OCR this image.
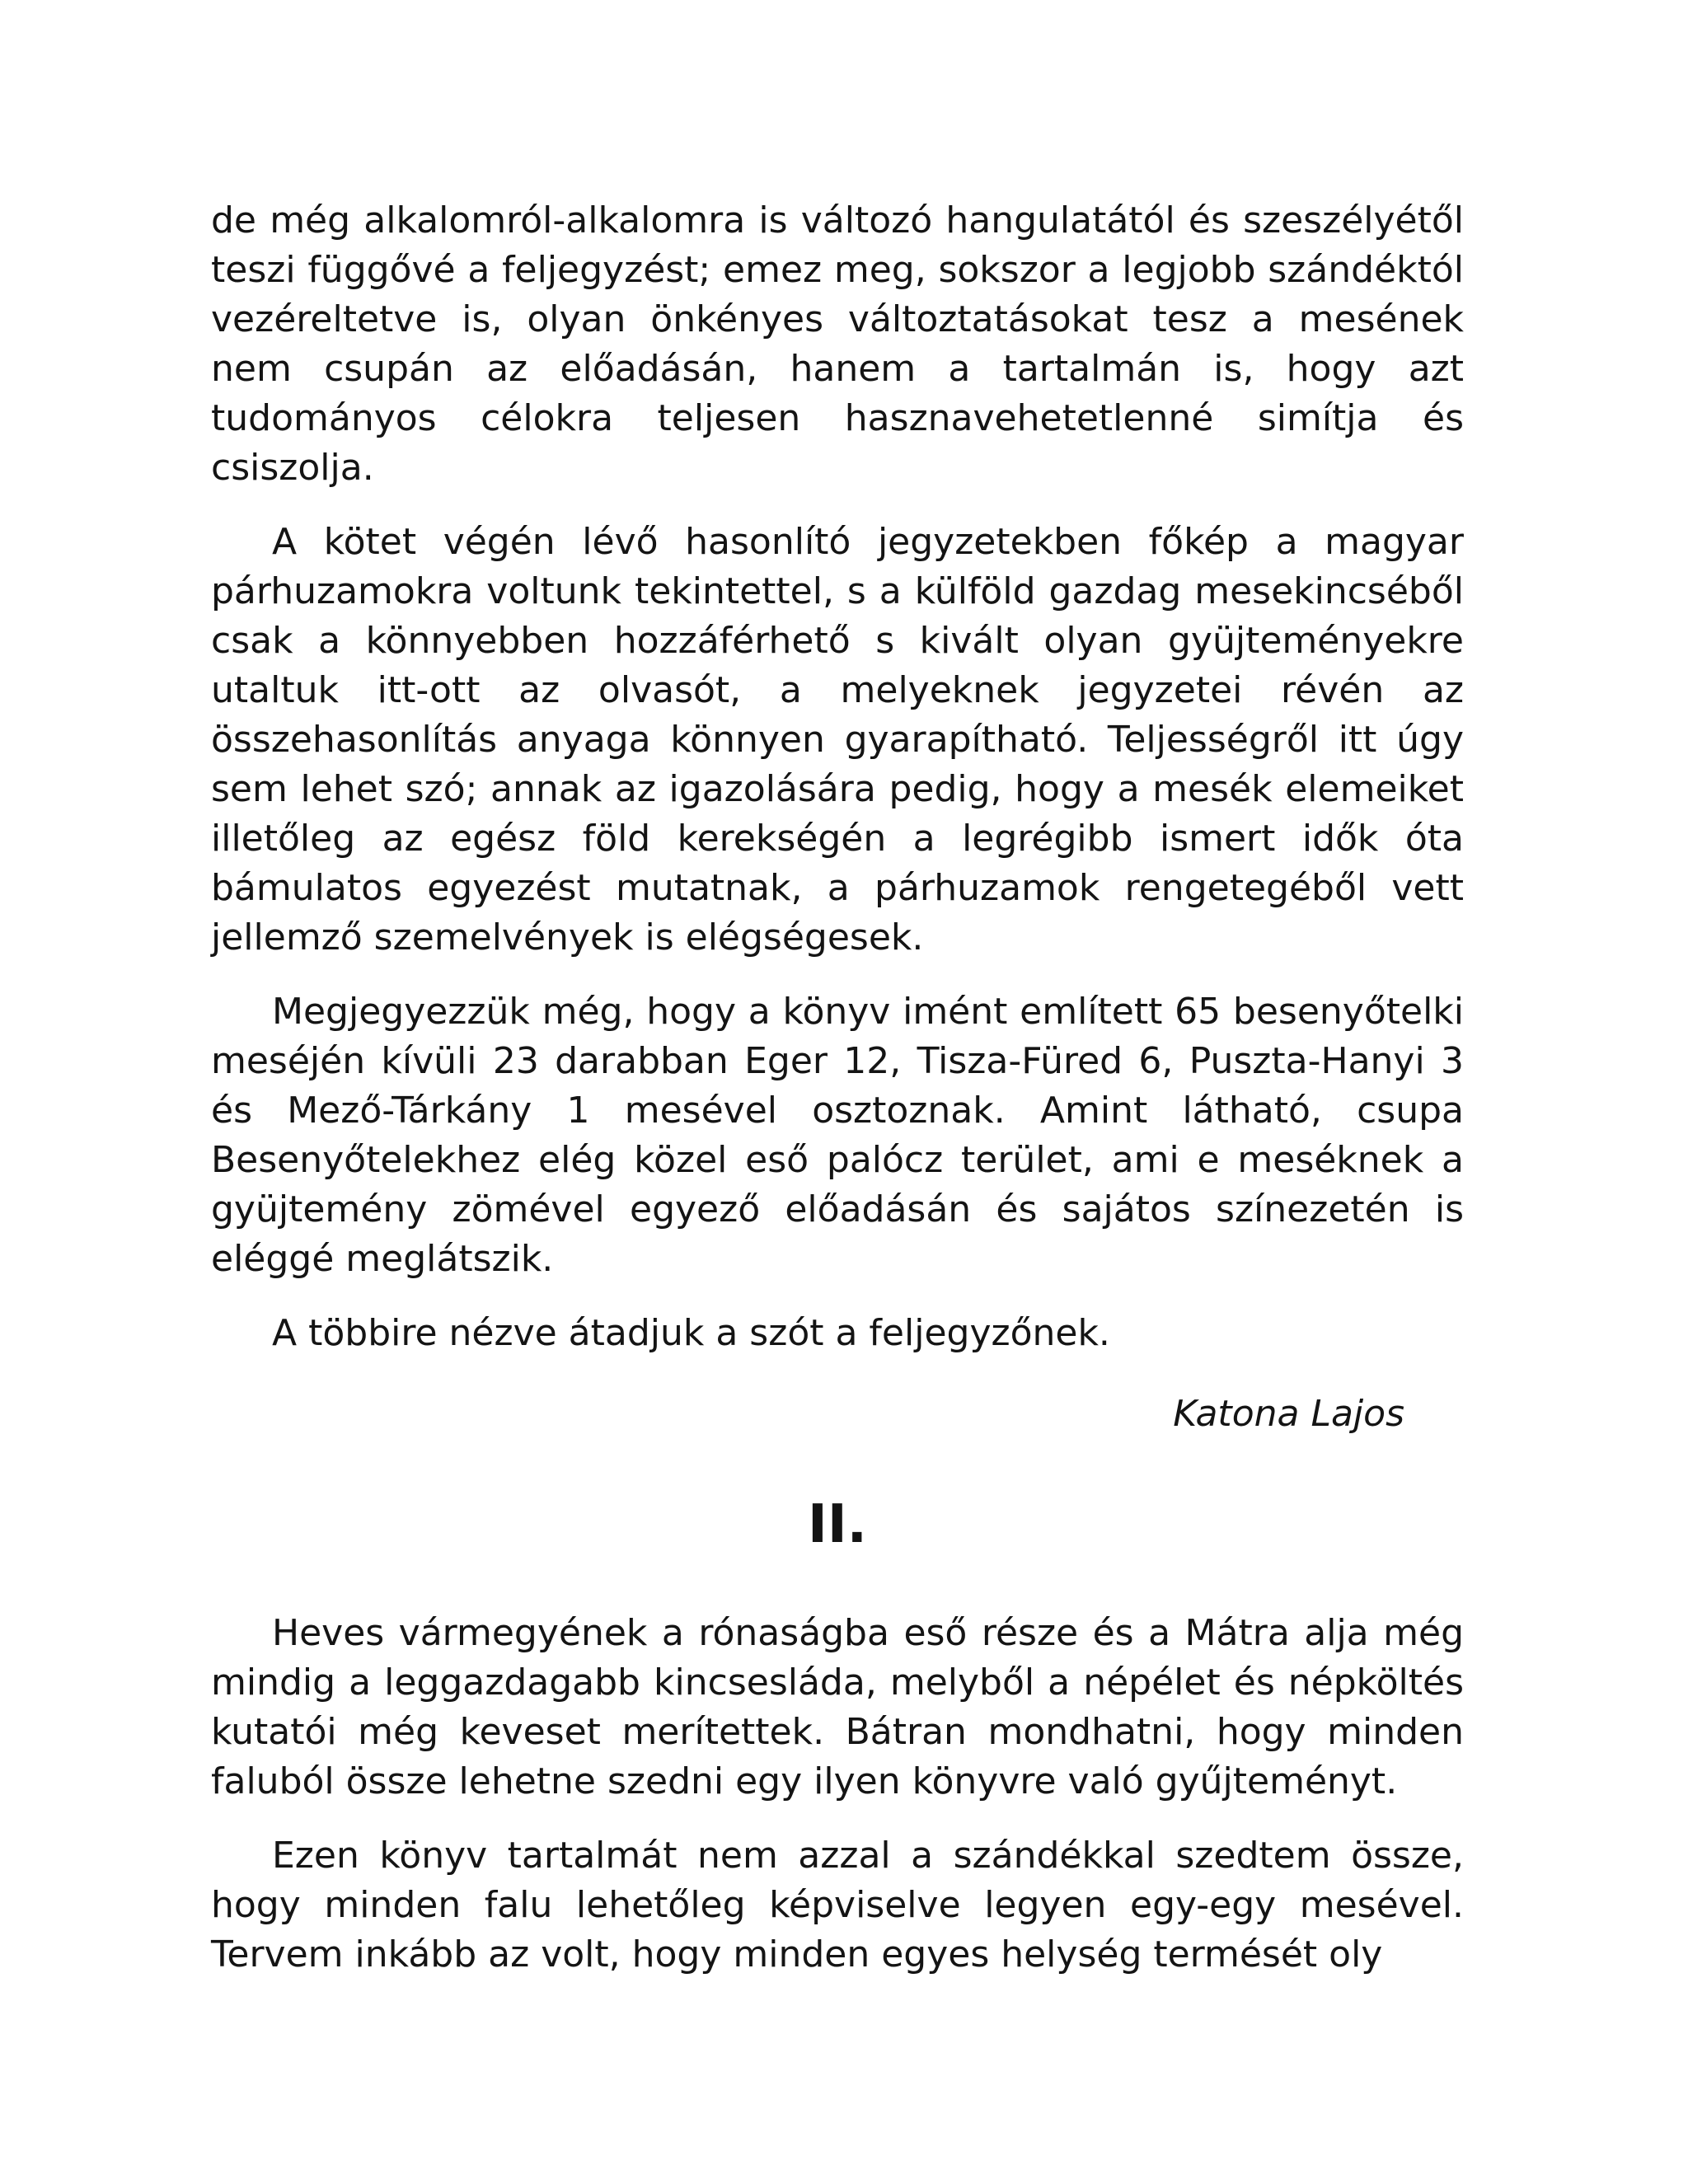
de még alkalomról-alkalomra is változó hangulatától és szeszélyétől teszi függővé a feljegyzést; emez meg, sokszor a legjobb szándéktól vezéreltetve is, olyan önkényes változtatásokat tesz a mesének nem csupán az előadásán, hanem a tartalmán is, hogy azt tudományos célokra teljesen hasznavehetetlenné simítja és csiszolja.

A kötet végén lévő hasonlító jegyzetekben főkép a magyar párhuzamokra voltunk tekintettel, s a külföld gazdag mesekincséből csak a könnyebben hozzáférhető s kivált olyan gyüjteményekre utaltuk itt-ott az olvasót, a melyeknek jegyzetei révén az összehasonlítás anyaga könnyen gyarapítható. Teljességről itt úgy sem lehet szó; annak az igazolására pedig, hogy a mesék elemeiket illetőleg az egész föld kerekségén a legrégibb ismert idők óta bámulatos egyezést mutatnak, a párhuzamok rengetegéből vett jellemző szemelvények is elégségesek.

Megjegyezzük még, hogy a könyv imént említett 65 besenyőtelki meséjén kívüli 23 darabban Eger 12, Tisza-Füred 6, Puszta-Hanyi 3 és Mező-Tárkány 1 mesével osztoznak. Amint látható, csupa Besenyőtelekhez elég közel eső palócz terület, ami e meséknek a gyüjtemény zömével egyező előadásán és sajátos színezetén is eléggé meglátszik.

A többire nézve átadjuk a szót a feljegyzőnek.

Katona Lajos

II.

Heves vármegyének a rónaságba eső része és a Mátra alja még mindig a leggazdagabb kincsesláda, melyből a népélet és népköltés kutatói még keveset merítettek. Bátran mondhatni, hogy minden faluból össze lehetne szedni egy ilyen könyvre való gyűjteményt.

Ezen könyv tartalmát nem azzal a szándékkal szedtem össze, hogy minden falu lehetőleg képviselve legyen egy-egy mesével. Tervem inkább az volt, hogy minden egyes helység termését oly
